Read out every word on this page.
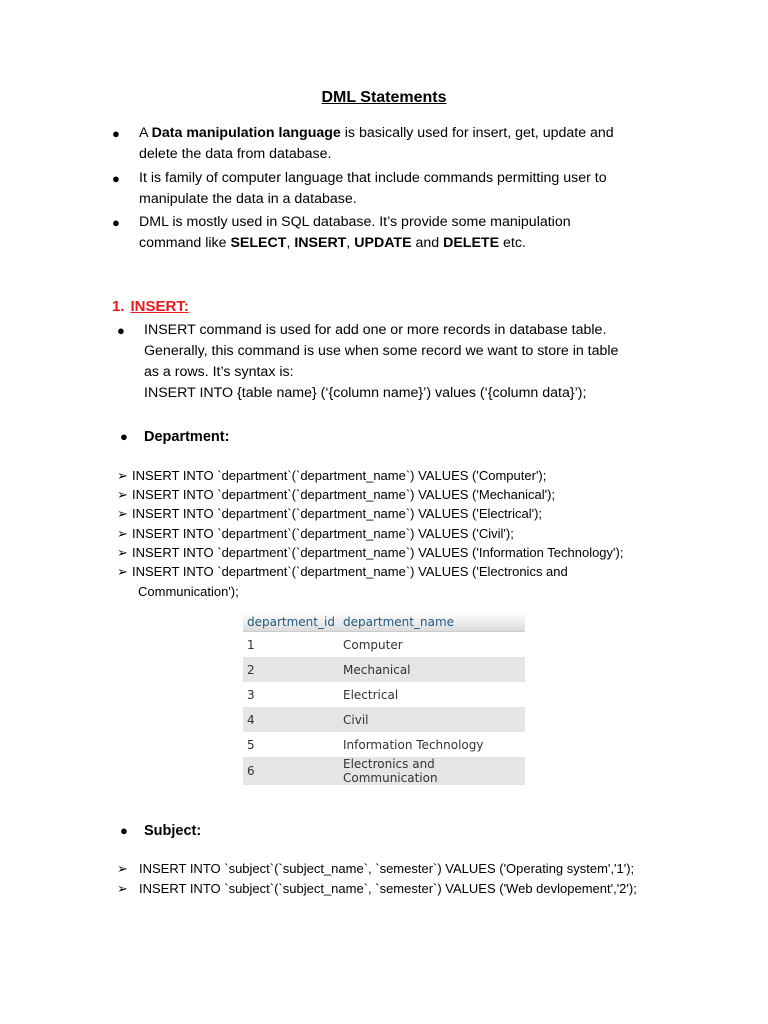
DML Statements
● A Data manipulation language is basically used for insert, get, update and
delete the data from database.
● It is family of computer language that include commands permitting user to
manipulate the data in a database.
● DML is mostly used in SQL database. It’s provide some manipulation
command like SELECT, INSERT, UPDATE and DELETE etc.
1. INSERT:
● INSERT command is used for add one or more records in database table.
Generally, this command is use when some record we want to store in table
as a rows. It’s syntax is:
INSERT INTO {table name} (‘{column name}’) values (‘{column data}’);
● Department:
➢ INSERT INTO `department`(`department_name`) VALUES ('Computer');
➢ INSERT INTO `department`(`department_name`) VALUES ('Mechanical');
➢ INSERT INTO `department`(`department_name`) VALUES ('Electrical');
➢ INSERT INTO `department`(`department_name`) VALUES ('Civil');
➢ INSERT INTO `department`(`department_name`) VALUES ('Information Technology');
➢ INSERT INTO `department`(`department_name`) VALUES ('Electronics and
Communication');
department_id	department_name
1	Computer
2	Mechanical
3	Electrical
4	Civil
5	Information Technology
6	Electronics and Communication
● Subject:
➢ INSERT INTO `subject`(`subject_name`, `semester`) VALUES ('Operating system','1');
➢ INSERT INTO `subject`(`subject_name`, `semester`) VALUES ('Web devlopement','2');
